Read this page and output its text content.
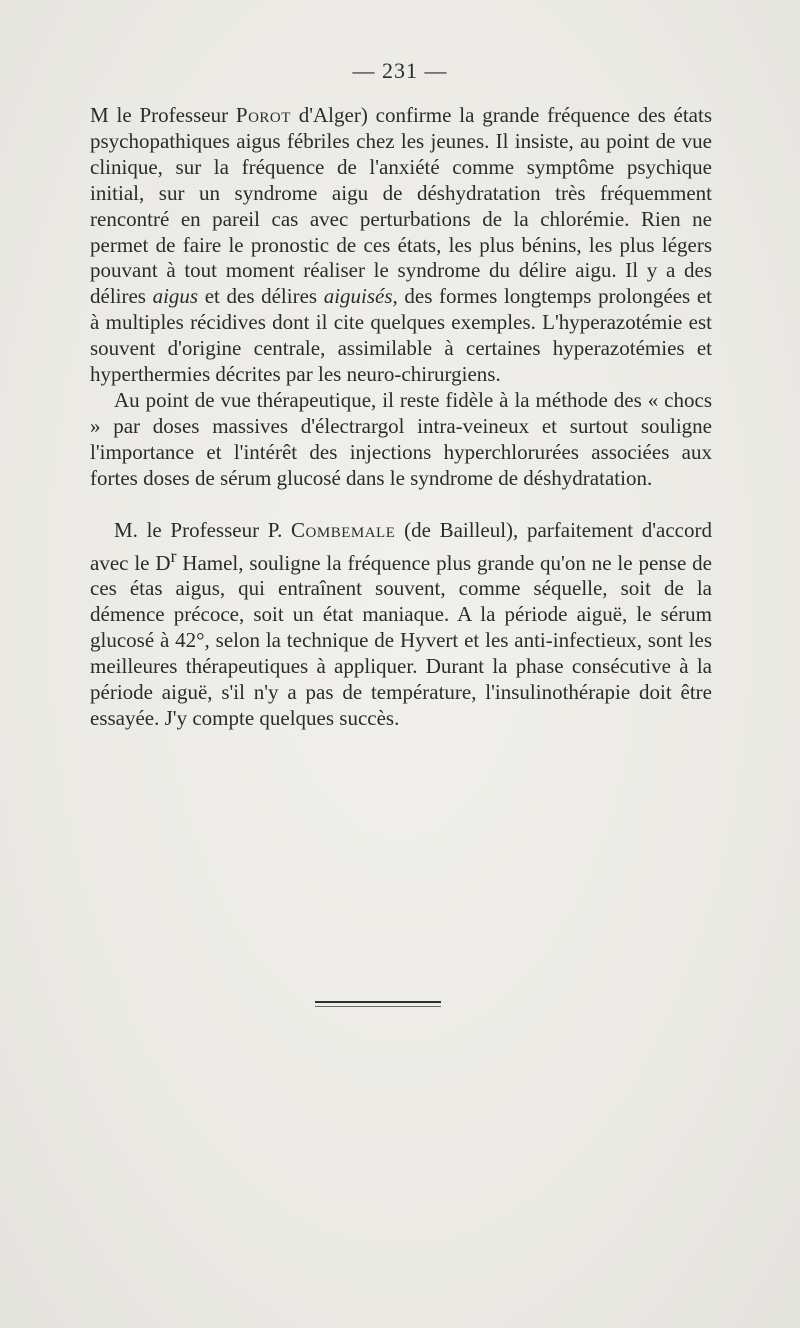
— 231 —

M le Professeur Porot d'Alger) confirme la grande fréquence des états psychopathiques aigus fébriles chez les jeunes. Il insiste, au point de vue clinique, sur la fréquence de l'anxiété comme symptôme psychique initial, sur un syndrome aigu de déshydratation très fréquemment rencontré en pareil cas avec perturbations de la chlorémie. Rien ne permet de faire le pronostic de ces états, les plus bénins, les plus légers pouvant à tout moment réaliser le syndrome du délire aigu. Il y a des délires aigus et des délires aiguisés, des formes longtemps prolongées et à multiples récidives dont il cite quelques exemples. L'hyperazotémie est souvent d'origine centrale, assimilable à certaines hyperazotémies et hyperthermies décrites par les neuro-chirurgiens.

Au point de vue thérapeutique, il reste fidèle à la méthode des « chocs » par doses massives d'électrargol intra-veineux et surtout souligne l'importance et l'intérêt des injections hyperchlorurées associées aux fortes doses de sérum glucosé dans le syndrome de déshydratation.

M. le Professeur P. Combemale (de Bailleul), parfaitement d'accord avec le $D^r$ Hamel, souligne la fréquence plus grande qu'on ne le pense de ces étas aigus, qui entraînent souvent, comme séquelle, soit de la démence précoce, soit un état maniaque. A la période aiguë, le sérum glucosé à 42°, selon la technique de Hyvert et les anti-infectieux, sont les meilleures thérapeutiques à appliquer. Durant la phase consécutive à la période aiguë, s'il n'y a pas de température, l'insulinothérapie doit être essayée. J'y compte quelques succès.
